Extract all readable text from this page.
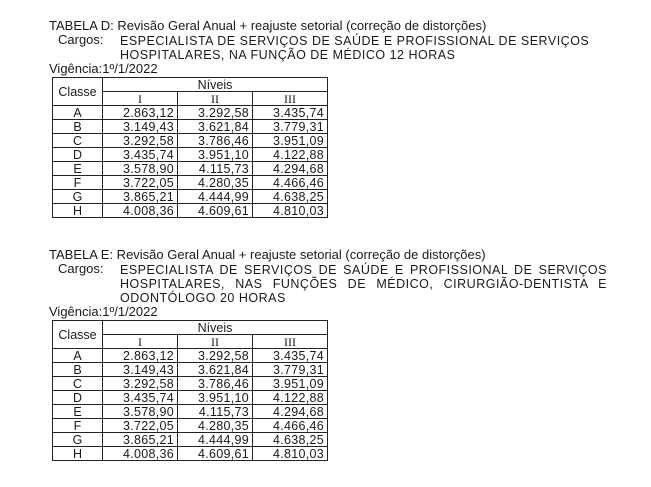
TABELA D: Revisão Geral Anual + reajuste setorial (correção de distorções)
Cargos: ESPECIALISTA DE SERVIÇOS DE SAÚDE E PROFISSIONAL DE SERVIÇOS
HOSPITALARES, NA FUNÇÃO DE MÉDICO 12 HORAS
Vigência:1º/1/2022
Classe	Níveis		
	I	II	III
A	2.863,12	3.292,58	3.435,74
B	3.149,43	3.621,84	3.779,31
C	3.292,58	3.786,46	3.951,09
D	3.435,74	3.951,10	4.122,88
E	3.578,90	4.115,73	4.294,68
F	3.722,05	4.280,35	4.466,46
G	3.865,21	4.444,99	4.638,25
H	4.008,36	4.609,61	4.810,03
TABELA E: Revisão Geral Anual + reajuste setorial (correção de distorções)
Cargos: ESPECIALISTA DE SERVIÇOS DE SAÚDE E PROFISSIONAL DE SERVIÇOS
HOSPITALARES, NAS FUNÇÕES DE MÉDICO, CIRURGIÃO-DENTISTA E
ODONTÓLOGO 20 HORAS
Vigência:1º/1/2022
Classe	Níveis		
	I	II	III
A	2.863,12	3.292,58	3.435,74
B	3.149,43	3.621,84	3.779,31
C	3.292,58	3.786,46	3.951,09
D	3.435,74	3.951,10	4.122,88
E	3.578,90	4.115,73	4.294,68
F	3.722,05	4.280,35	4.466,46
G	3.865,21	4.444,99	4.638,25
H	4.008,36	4.609,61	4.810,03
